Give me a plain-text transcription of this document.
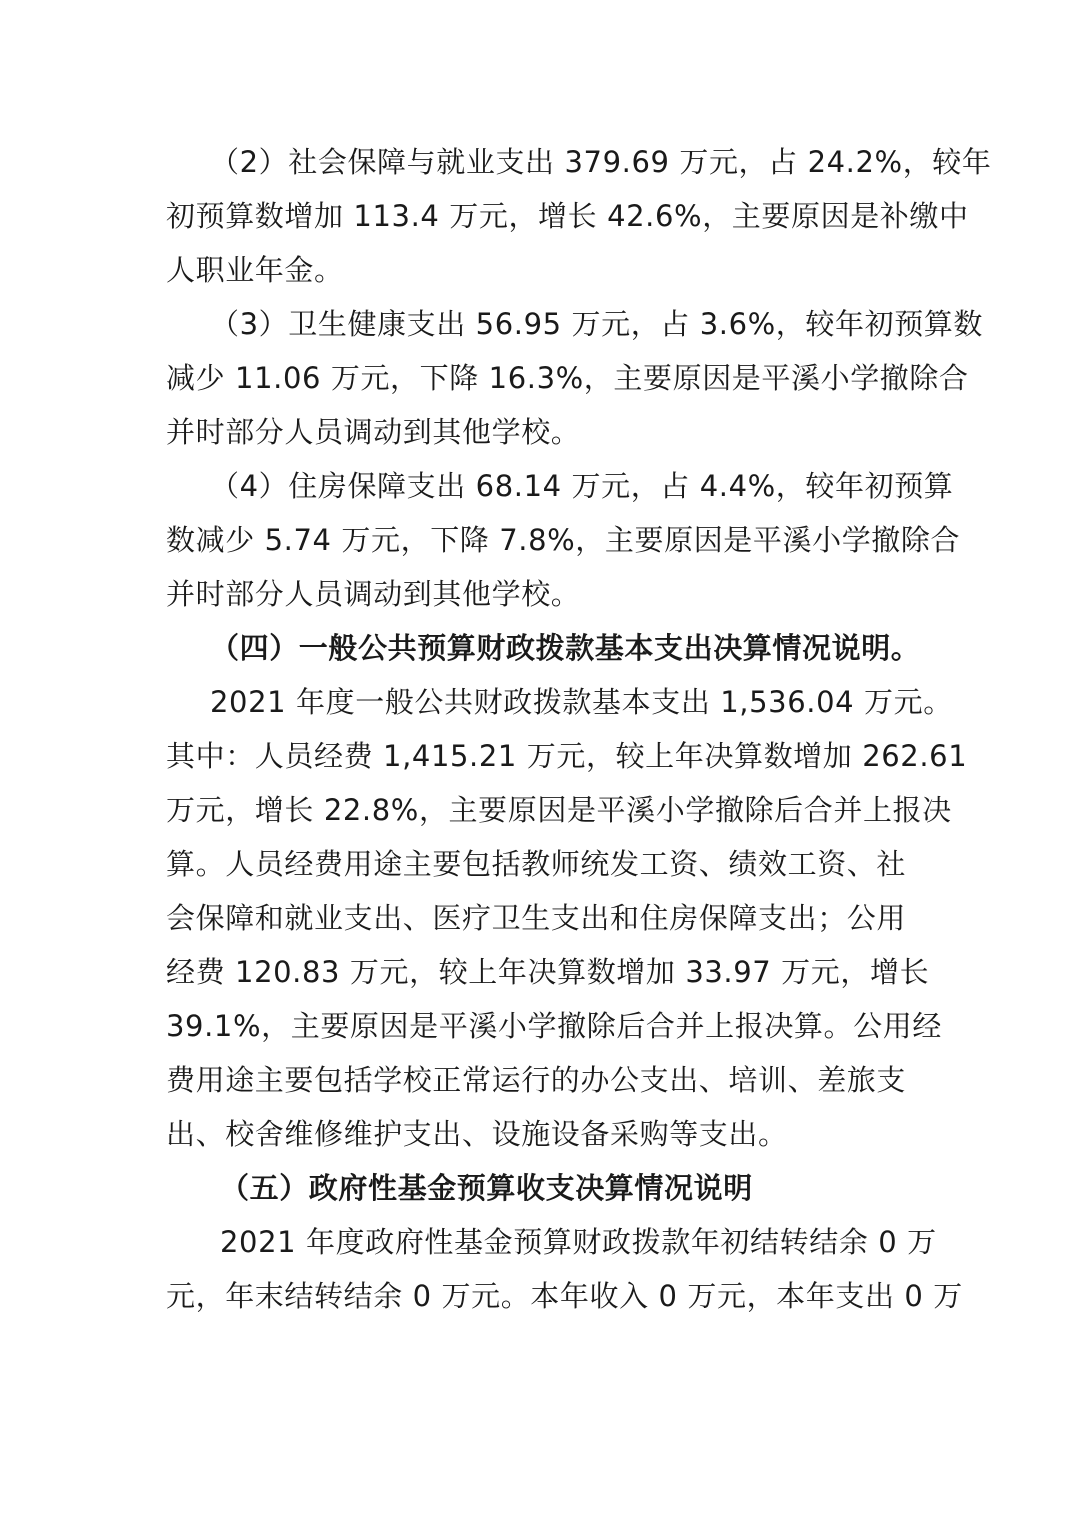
（2）社会保障与就业支出 379.69 万元，占 24.2%，较年
初预算数增加 113.4 万元，增长 42.6%，主要原因是补缴中
人职业年金。
（3）卫生健康支出 56.95 万元，占 3.6%，较年初预算数
减少 11.06 万元，下降 16.3%，主要原因是平溪小学撤除合
并时部分人员调动到其他学校。
（4）住房保障支出 68.14 万元，占 4.4%，较年初预算
数减少 5.74 万元，下降 7.8%，主要原因是平溪小学撤除合
并时部分人员调动到其他学校。
（四）一般公共预算财政拨款基本支出决算情况说明。
2021 年度一般公共财政拨款基本支出 1,536.04 万元。
其中：人员经费 1,415.21 万元，较上年决算数增加 262.61
万元，增长 22.8%，主要原因是平溪小学撤除后合并上报决
算。人员经费用途主要包括教师统发工资、绩效工资、社
会保障和就业支出、医疗卫生支出和住房保障支出；公用
经费 120.83 万元，较上年决算数增加 33.97 万元，增长
39.1%，主要原因是平溪小学撤除后合并上报决算。公用经
费用途主要包括学校正常运行的办公支出、培训、差旅支
出、校舍维修维护支出、设施设备采购等支出。
（五）政府性基金预算收支决算情况说明
2021 年度政府性基金预算财政拨款年初结转结余 0 万
元，年末结转结余 0 万元。本年收入 0 万元，本年支出 0 万
